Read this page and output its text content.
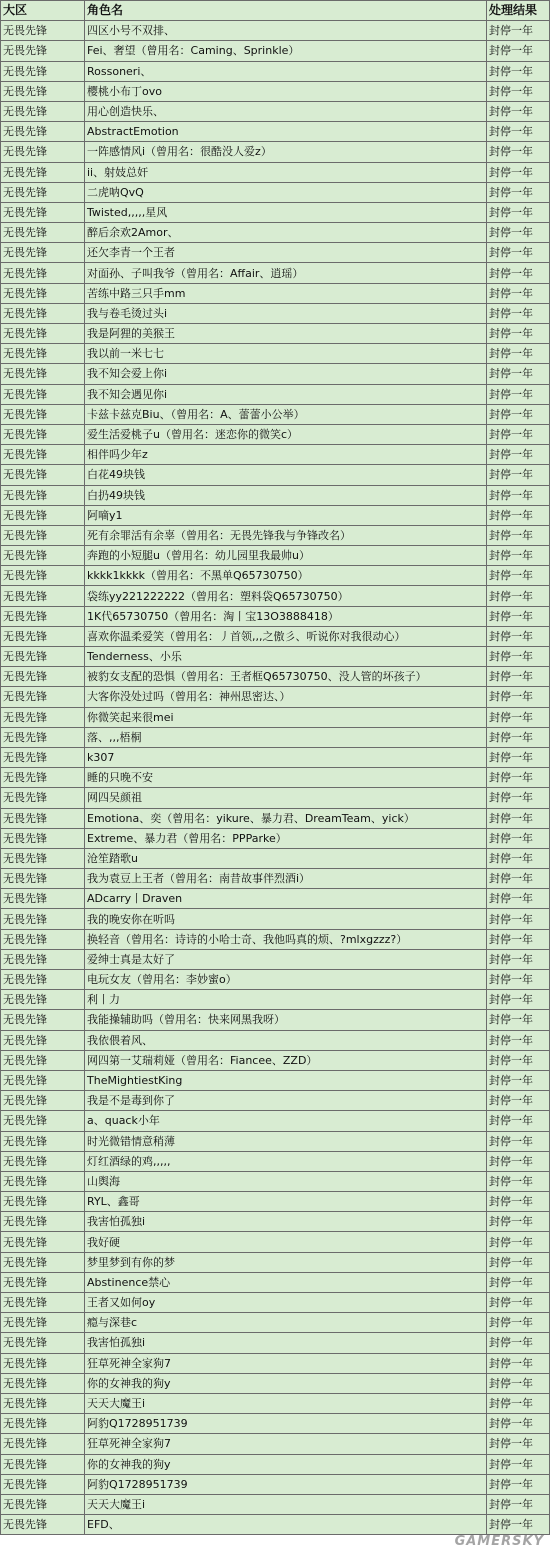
大区	角色名	处理结果
无畏先锋	四区小号不双排、	封停一年
无畏先锋	Fei、奢望（曾用名：Caming、Sprinkle）	封停一年
无畏先锋	Rossoneri、	封停一年
无畏先锋	樱桃小布丁ovo	封停一年
无畏先锋	用心创造快乐、	封停一年
无畏先锋	AbstractEmotion	封停一年
无畏先锋	一阵感情风i（曾用名：很酷没人爱z）	封停一年
无畏先锋	ii、射妓总奸	封停一年
无畏先锋	二虎呐QvQ	封停一年
无畏先锋	Twisted,,,,,星风	封停一年
无畏先锋	醉后余欢2Amor、	封停一年
无畏先锋	还欠李青一个王者	封停一年
无畏先锋	对面孙、子叫我爷（曾用名：Affair、逍瑶）	封停一年
无畏先锋	苦练中路三只手mm	封停一年
无畏先锋	我与卷毛烫过头i	封停一年
无畏先锋	我是阿狸的美猴王	封停一年
无畏先锋	我以前一米七七	封停一年
无畏先锋	我不知会爱上你i	封停一年
无畏先锋	我不知会遇见你i	封停一年
无畏先锋	卡兹卡兹克Biu、（曾用名：A、蕾蕾小公举）	封停一年
无畏先锋	爱生活爱桃子u（曾用名：迷恋你的微笑c）	封停一年
无畏先锋	相伴吗少年z	封停一年
无畏先锋	白花49块钱	封停一年
无畏先锋	白扔49块钱	封停一年
无畏先锋	阿嘀y1	封停一年
无畏先锋	死有余罪活有余辜（曾用名：无畏先锋我与争锋改名）	封停一年
无畏先锋	奔跑的小短腿u（曾用名：幼儿园里我最帅u）	封停一年
无畏先锋	kkkk1kkkk（曾用名：不黑单Q65730750）	封停一年
无畏先锋	袋练yy221222222（曾用名：塑料袋Q65730750）	封停一年
无畏先锋	1K代65730750（曾用名：淘丨宝13O3888418）	封停一年
无畏先锋	喜欢你温柔爱笑（曾用名：丿首领,,,之傲彡、听说你对我很动心）	封停一年
无畏先锋	Tenderness、小乐	封停一年
无畏先锋	被豹女支配的恐惧（曾用名：王者框Q65730750、没人管的坏孩子）	封停一年
无畏先锋	大客你没处过吗（曾用名：神州思密达、）	封停一年
无畏先锋	你微笑起来很mei	封停一年
无畏先锋	落、,,,梧桐	封停一年
无畏先锋	k307	封停一年
无畏先锋	睡的只晚不安	封停一年
无畏先锋	网四吴颜祖	封停一年
无畏先锋	Emotiona、奕（曾用名：yikure、暴力君、DreamTeam、yick）	封停一年
无畏先锋	Extreme、暴力君（曾用名：PPParke）	封停一年
无畏先锋	沧笙踏歌u	封停一年
无畏先锋	我为袁豆上王者（曾用名：南昔故事伴烈酒i）	封停一年
无畏先锋	ADcarry丨Draven	封停一年
无畏先锋	我的晚安你在听吗	封停一年
无畏先锋	换轻音（曾用名：诗诗的小哈士奇、我他吗真的烦、?mlxgzzz?）	封停一年
无畏先锋	爱绅士真是太好了	封停一年
无畏先锋	电玩女友（曾用名：李妙蜜o）	封停一年
无畏先锋	利丨力	封停一年
无畏先锋	我能操辅助吗（曾用名：快来网黑我呀）	封停一年
无畏先锋	我依偎着风、	封停一年
无畏先锋	网四第一艾瑞莉娅（曾用名：Fiancee、ZZD）	封停一年
无畏先锋	TheMightiestKing	封停一年
无畏先锋	我是不是毒到你了	封停一年
无畏先锋	a、quack小年	封停一年
无畏先锋	时光微错情意稍薄	封停一年
无畏先锋	灯红酒绿的鸡,,,,,	封停一年
无畏先锋	山舆海	封停一年
无畏先锋	RYL、鑫哥	封停一年
无畏先锋	我害怕孤独i	封停一年
无畏先锋	我好硬	封停一年
无畏先锋	梦里梦到有你的梦	封停一年
无畏先锋	Abstinence禁心	封停一年
无畏先锋	王者又如何oy	封停一年
无畏先锋	瘾与深巷c	封停一年
无畏先锋	我害怕孤独i	封停一年
无畏先锋	狂草死神全家狗7	封停一年
无畏先锋	你的女神我的狗y	封停一年
无畏先锋	天天大魔王i	封停一年
无畏先锋	阿豹Q1728951739	封停一年
无畏先锋	狂草死神全家狗7	封停一年
无畏先锋	你的女神我的狗y	封停一年
无畏先锋	阿豹Q1728951739	封停一年
无畏先锋	天天大魔王i	封停一年
无畏先锋	EFD、	封停一年
GAMERSKY
